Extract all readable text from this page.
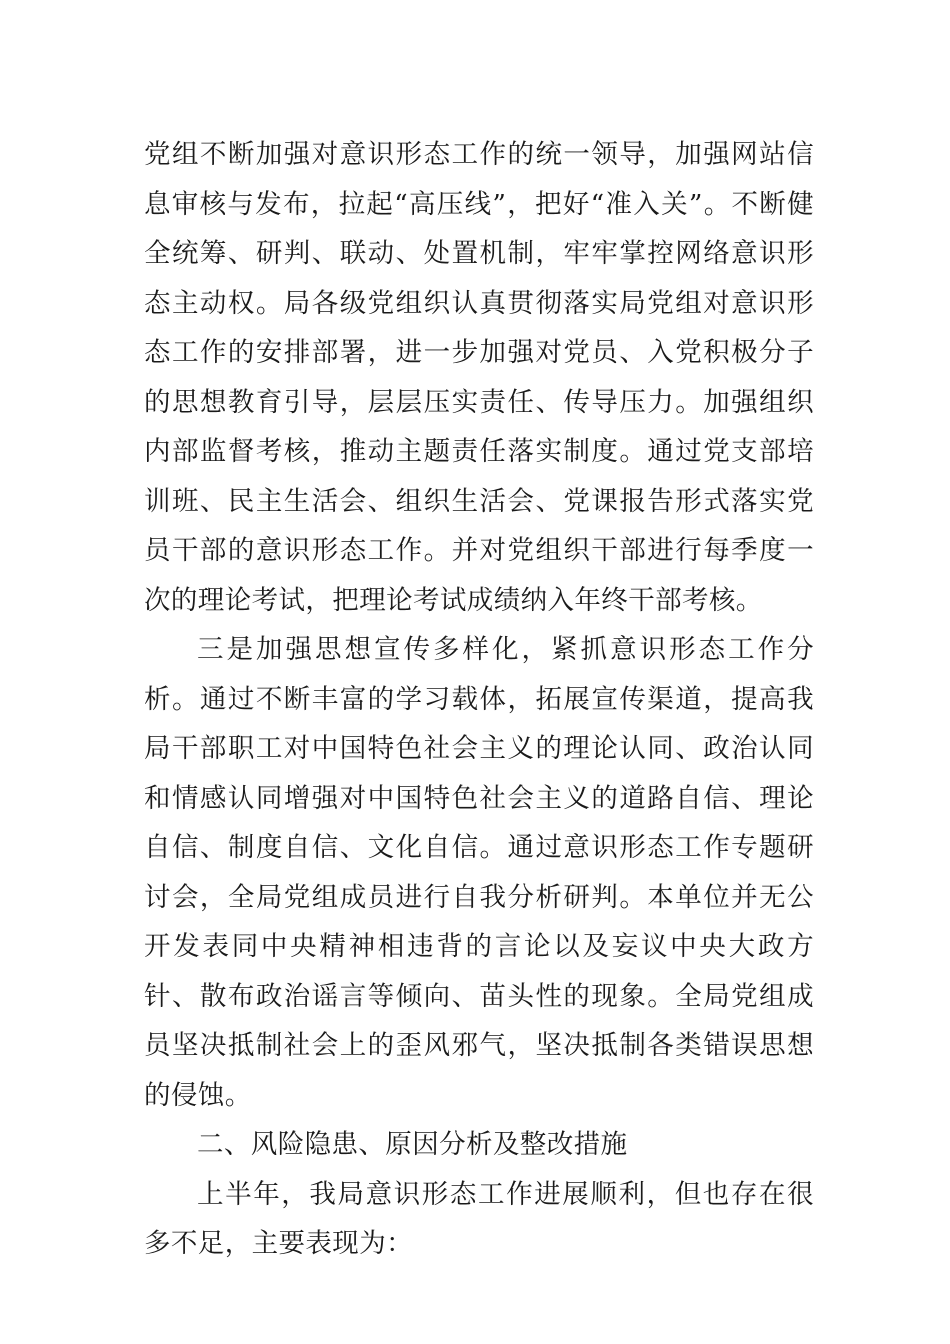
党组不断加强对意识形态工作的统一领导，加强网站信息审核与发布，拉起“高压线”，把好“准入关”。不断健全统筹、研判、联动、处置机制，牢牢掌控网络意识形态主动权。局各级党组织认真贯彻落实局党组对意识形态工作的安排部署，进一步加强对党员、入党积极分子的思想教育引导，层层压实责任、传导压力。加强组织内部监督考核，推动主题责任落实制度。通过党支部培训班、民主生活会、组织生活会、党课报告形式落实党员干部的意识形态工作。并对党组织干部进行每季度一次的理论考试，把理论考试成绩纳入年终干部考核。

三是加强思想宣传多样化，紧抓意识形态工作分析。通过不断丰富的学习载体，拓展宣传渠道，提高我局干部职工对中国特色社会主义的理论认同、政治认同和情感认同增强对中国特色社会主义的道路自信、理论自信、制度自信、文化自信。通过意识形态工作专题研讨会，全局党组成员进行自我分析研判。本单位并无公开发表同中央精神相违背的言论以及妄议中央大政方针、散布政治谣言等倾向、苗头性的现象。全局党组成员坚决抵制社会上的歪风邪气，坚决抵制各类错误思想的侵蚀。

二、风险隐患、原因分析及整改措施

上半年，我局意识形态工作进展顺利，但也存在很多不足，主要表现为：
